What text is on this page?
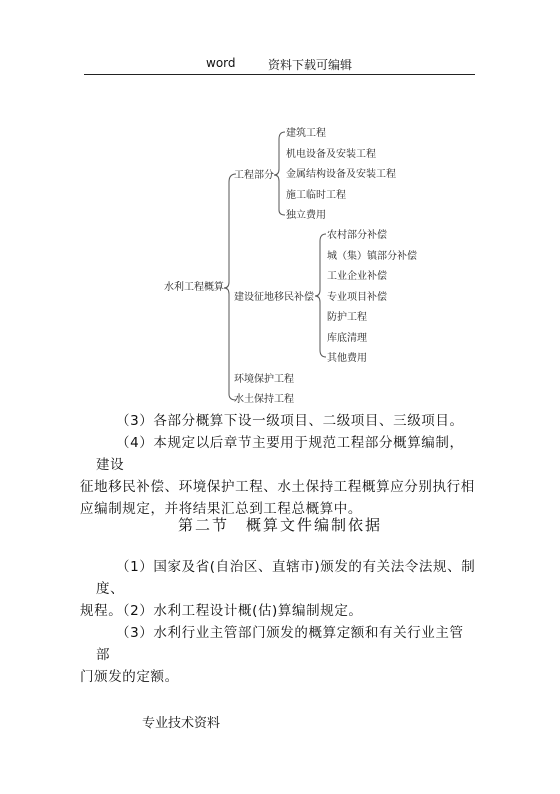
word	资料下载可编辑
水利工程概算
工程部分
建筑工程
机电设备及安装工程
金属结构设备及安装工程
施工临时工程
独立费用
建设征地移民补偿
农村部分补偿
城（集）镇部分补偿
工业企业补偿
专业项目补偿
防护工程
库底清理
其他费用
环境保护工程
水土保持工程
（3）各部分概算下设一级项目、二级项目、三级项目。
（4）本规定以后章节主要用于规范工程部分概算编制，建设
征地移民补偿、环境保护工程、水土保持工程概算应分别执行相
应编制规定，并将结果汇总到工程总概算中。
第二节　概算文件编制依据
（1）国家及省(自治区、直辖市)颁发的有关法令法规、制度、
规程。
（2）水利工程设计概(估)算编制规定。
（3）水利行业主管部门颁发的概算定额和有关行业主管部
门颁发的定额。
专业技术资料
